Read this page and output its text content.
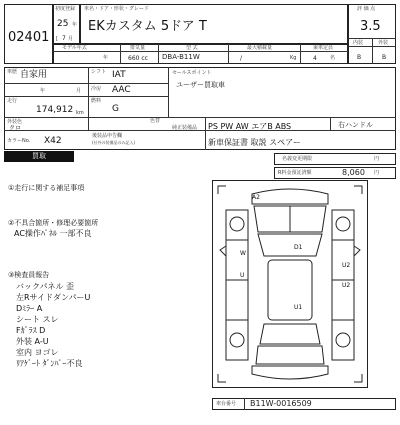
02401
初度登録
25 年
[ 7 月
車名・ドア・形状・グレード
EKカスタム 5ドア T
モデル年式
年
排気量
660 cc
型 式
DBA-B11W
最大積載量
/	Kg
乗車定員
4	名
評 価 点
3.5
内装	外装
B	B
車歴 自家用
年	月
シフト IAT
冷房 AAC
走行
174,912 km
燃料
G
セールスポイント
ユーザー買取車
外装色
クロ
色替
純正装備品 PS PW AW エアB ABS	右ハンドル
カラーNo. X42	後装品申告欄
(社外の装備品のみ記入)	新車保証書 取説 スペアー
買取	名義変更期限	円
R料金預託済額	8,060 円
①走行に関する補足事項
②不具合箇所・修理必要箇所
AC操作ﾊﾟﾈﾙ 一部不良
③検査員報告
バックパネル 歪
左RサイドダンパーU
Dﾐﾗｰ A
シート スレ
Fｶﾞﾗｽ D
外装 A-U
室内 ヨゴレ
ﾘｱｹﾞｰﾄ ﾀﾞﾝﾊﾟｰ不良
A2
D1
U2
U2
U1
W
U
車台番号 B11W-0016509
